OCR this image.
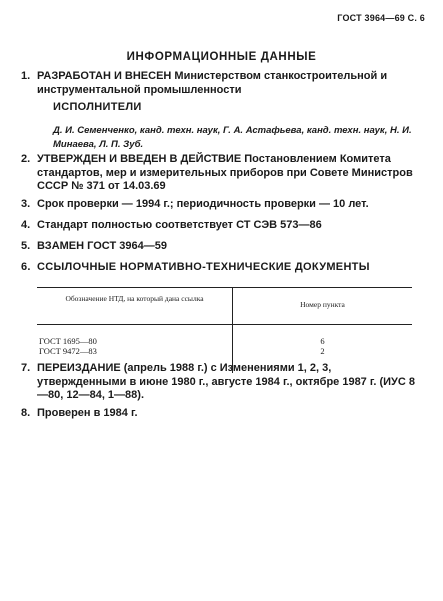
ГОСТ 3964—69 С. 6
ИНФОРМАЦИОННЫЕ ДАННЫЕ
1. РАЗРАБОТАН И ВНЕСЕН Министерством станкостроительной и инструментальной промышленности
ИСПОЛНИТЕЛИ
Д. И. Семенченко, канд. техн. наук, Г. А. Астафьева, канд. техн. наук, Н. И. Минаева, Л. П. Зуб.
2. УТВЕРЖДЕН И ВВЕДЕН В ДЕЙСТВИЕ Постановлением Комитета стандартов, мер и измерительных приборов при Совете Министров СССР № 371 от 14.03.69
3. Срок проверки — 1994 г.; периодичность проверки — 10 лет.
4. Стандарт полностью соответствует СТ СЭВ 573—86
5. ВЗАМЕН ГОСТ 3964—59
6. ССЫЛОЧНЫЕ НОРМАТИВНО-ТЕХНИЧЕСКИЕ ДОКУМЕНТЫ
Обозначение НТД, на который дана ссылка
Номер пункта
ГОСТ 1695—80
ГОСТ 9472—83
6
2
7. ПЕРЕИЗДАНИЕ (апрель 1988 г.) с Изменениями 1, 2, 3, утвержденными в июне 1980 г., августе 1984 г., октябре 1987 г. (ИУС 8—80, 12—84, 1—88).
8. Проверен в 1984 г.
